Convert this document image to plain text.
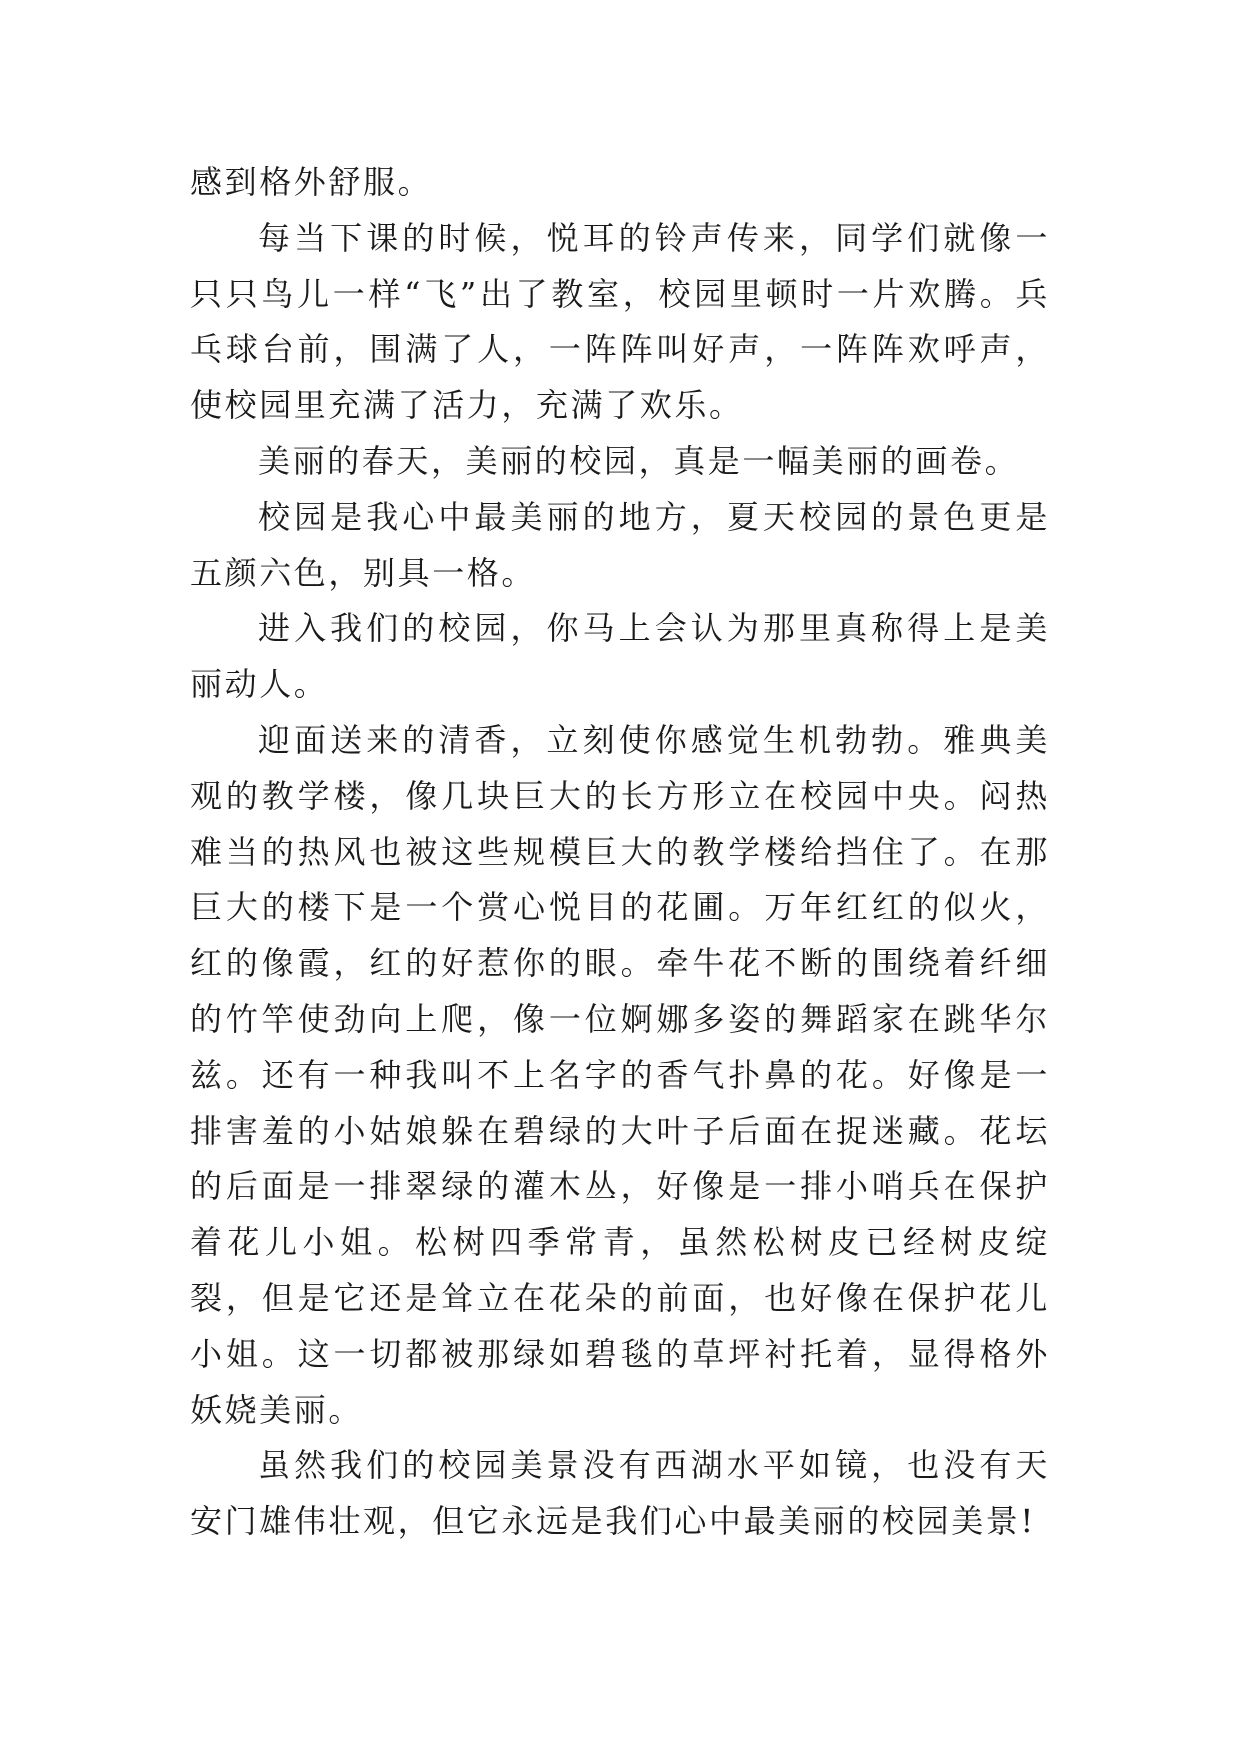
感到格外舒服。

每当下课的时候，悦耳的铃声传来，同学们就像一只只鸟儿一样“飞”出了教室，校园里顿时一片欢腾。兵乓球台前，围满了人，一阵阵叫好声，一阵阵欢呼声，使校园里充满了活力，充满了欢乐。

美丽的春天，美丽的校园，真是一幅美丽的画卷。

校园是我心中最美丽的地方，夏天校园的景色更是五颜六色，别具一格。

进入我们的校园，你马上会认为那里真称得上是美丽动人。

迎面送来的清香，立刻使你感觉生机勃勃。雅典美观的教学楼，像几块巨大的长方形立在校园中央。闷热难当的热风也被这些规模巨大的教学楼给挡住了。在那巨大的楼下是一个赏心悦目的花圃。万年红红的似火，红的像霞，红的好惹你的眼。牵牛花不断的围绕着纤细的竹竿使劲向上爬，像一位婀娜多姿的舞蹈家在跳华尔兹。还有一种我叫不上名字的香气扑鼻的花。好像是一排害羞的小姑娘躲在碧绿的大叶子后面在捉迷藏。花坛的后面是一排翠绿的灌木丛，好像是一排小哨兵在保护着花儿小姐。松树四季常青，虽然松树皮已经树皮绽裂，但是它还是耸立在花朵的前面，也好像在保护花儿小姐。这一切都被那绿如碧毯的草坪衬托着，显得格外妖娆美丽。

虽然我们的校园美景没有西湖水平如镜，也没有天安门雄伟壮观，但它永远是我们心中最美丽的校园美景!
